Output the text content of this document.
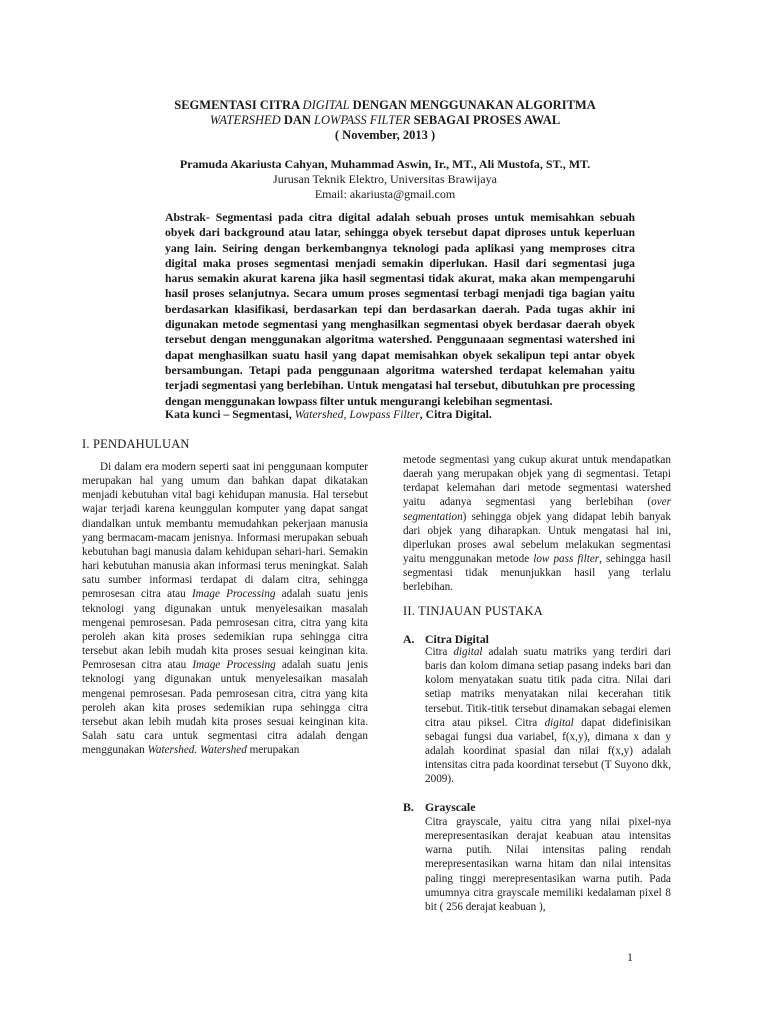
SEGMENTASI CITRA DIGITAL DENGAN MENGGUNAKAN ALGORITMA
WATERSHED DAN LOWPASS FILTER SEBAGAI PROSES AWAL
( November, 2013 )

Pramuda Akariusta Cahyan, Muhammad Aswin, Ir., MT., Ali Mustofa, ST., MT.
Jurusan Teknik Elektro, Universitas Brawijaya
Email: akariusta@gmail.com
Abstrak- Segmentasi pada citra digital adalah sebuah proses untuk memisahkan sebuah obyek dari background atau latar, sehingga obyek tersebut dapat diproses untuk keperluan yang lain. Seiring dengan berkembangnya teknologi pada aplikasi yang memproses citra digital maka proses segmentasi menjadi semakin diperlukan. Hasil dari segmentasi juga harus semakin akurat karena jika hasil segmentasi tidak akurat, maka akan mempengaruhi hasil proses selanjutnya. Secara umum proses segmentasi terbagi menjadi tiga bagian yaitu berdasarkan klasifikasi, berdasarkan tepi dan berdasarkan daerah. Pada tugas akhir ini digunakan metode segmentasi yang menghasilkan segmentasi obyek berdasar daerah obyek tersebut dengan menggunakan algoritma watershed. Penggunaaan segmentasi watershed ini dapat menghasilkan suatu hasil yang dapat memisahkan obyek sekalipun tepi antar obyek bersambungan. Tetapi pada penggunaan algoritma watershed terdapat kelemahan yaitu terjadi segmentasi yang berlebihan. Untuk mengatasi hal tersebut, dibutuhkan pre processing dengan menggunakan lowpass filter untuk mengurangi kelebihan segmentasi.
Kata kunci – Segmentasi, Watershed, Lowpass Filter, Citra Digital.
I. PENDAHULUAN
Di dalam era modern seperti saat ini penggunaan komputer merupakan hal yang umum dan bahkan dapat dikatakan menjadi kebutuhan vital bagi kehidupan manusia. Hal tersebut wajar terjadi karena keunggulan komputer yang dapat sangat diandalkan untuk membantu memudahkan pekerjaan manusia yang bermacam-macam jenisnya. Informasi merupakan sebuah kebutuhan bagi manusia dalam kehidupan sehari-hari. Semakin hari kebutuhan manusia akan informasi terus meningkat. Salah satu sumber informasi terdapat di dalam citra, sehingga pemrosesan citra atau Image Processing adalah suatu jenis teknologi yang digunakan untuk menyelesaikan masalah mengenai pemrosesan. Pada pemrosesan citra, citra yang kita peroleh akan kita proses sedemikian rupa sehingga citra tersebut akan lebih mudah kita proses sesuai keinginan kita. Pemrosesan citra atau Image Processing adalah suatu jenis teknologi yang digunakan untuk menyelesaikan masalah mengenai pemrosesan. Pada pemrosesan citra, citra yang kita peroleh akan kita proses sedemikian rupa sehingga citra tersebut akan lebih mudah kita proses sesuai keinginan kita. Salah satu cara untuk segmentasi citra adalah dengan menggunakan Watershed. Watershed merupakan
metode segmentasi yang cukup akurat untuk mendapatkan daerah yang merupakan objek yang di segmentasi. Tetapi terdapat kelemahan dari metode segmentasi watershed yaitu adanya segmentasi yang berlebihan (over segmentation) sehingga objek yang didapat lebih banyak dari objek yang diharapkan. Untuk mengatasi hal ini, diperlukan proses awal sebelum melakukan segmentasi yaitu menggunakan metode low pass filter, sehingga hasil segmentasi tidak menunjukkan hasil yang terlalu berlebihan.
II. TINJAUAN PUSTAKA
A. Citra Digital
Citra digital adalah suatu matriks yang terdiri dari baris dan kolom dimana setiap pasang indeks bari dan kolom menyatakan suatu titik pada citra. Nilai dari setiap matriks menyatakan nilai kecerahan titik tersebut. Titik-titik tersebut dinamakan sebagai elemen citra atau piksel. Citra digital dapat didefinisikan sebagai fungsi dua variabel, f(x,y), dimana x dan y adalah koordinat spasial dan nilai f(x,y) adalah intensitas citra pada koordinat tersebut (T Suyono dkk, 2009).
B. Grayscale
Citra grayscale, yaitu citra yang nilai pixel-nya merepresentasikan derajat keabuan atau intensitas warna putih. Nilai intensitas paling rendah merepresentasikan warna hitam dan nilai intensitas paling tinggi merepresentasikan warna putih. Pada umumnya citra grayscale memiliki kedalaman pixel 8 bit ( 256 derajat keabuan ),
1
